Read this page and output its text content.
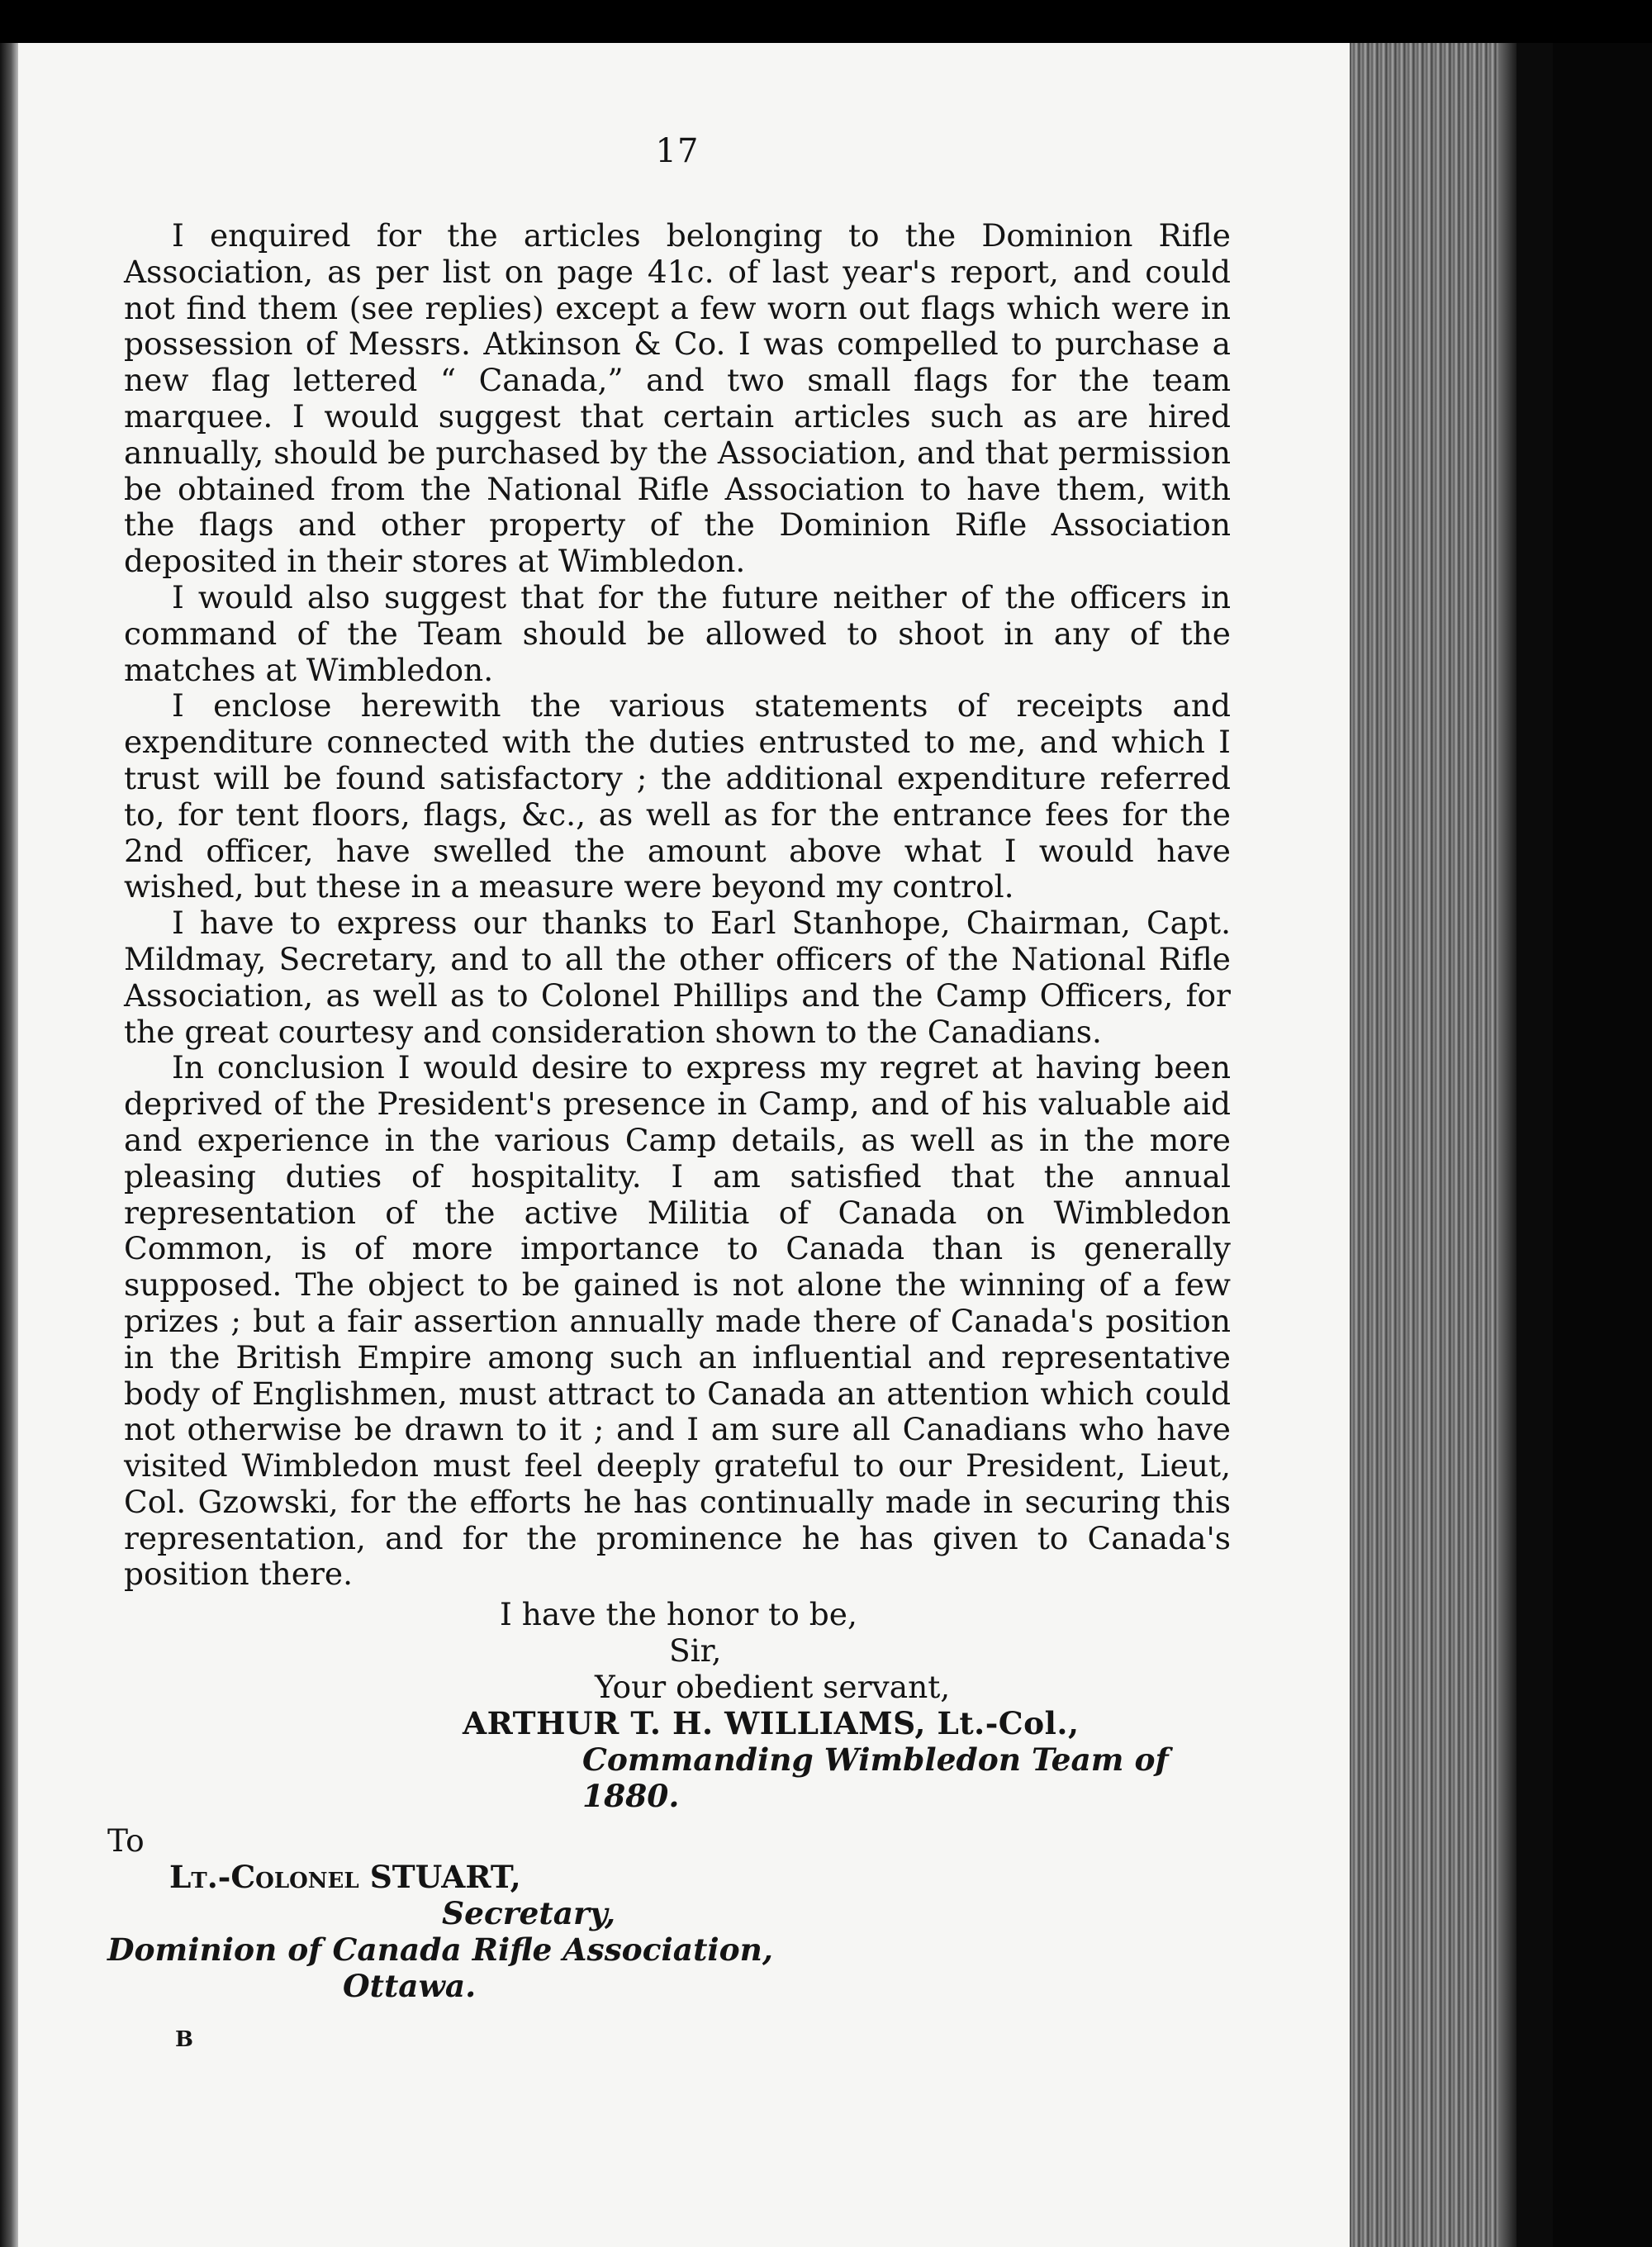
17

I enquired for the articles belonging to the Dominion Rifle Association, as per list on page 41c. of last year's report, and could not find them (see replies) except a few worn out flags which were in possession of Messrs. Atkinson & Co. I was compelled to purchase a new flag lettered “ Canada,” and two small flags for the team marquee. I would suggest that certain articles such as are hired annually, should be purchased by the Association, and that permission be obtained from the National Rifle Association to have them, with the flags and other property of the Dominion Rifle Association deposited in their stores at Wimbledon.

I would also suggest that for the future neither of the officers in command of the Team should be allowed to shoot in any of the matches at Wimbledon.

I enclose herewith the various statements of receipts and expenditure connected with the duties entrusted to me, and which I trust will be found satisfactory ; the additional expenditure referred to, for tent floors, flags, &c., as well as for the entrance fees for the 2nd officer, have swelled the amount above what I would have wished, but these in a measure were beyond my control.

I have to express our thanks to Earl Stanhope, Chairman, Capt. Mildmay, Secretary, and to all the other officers of the National Rifle Association, as well as to Colonel Phillips and the Camp Officers, for the great courtesy and consideration shown to the Canadians.

In conclusion I would desire to express my regret at having been deprived of the President's presence in Camp, and of his valuable aid and experience in the various Camp details, as well as in the more pleasing duties of hospitality. I am satisfied that the annual representation of the active Militia of Canada on Wimbledon Common, is of more importance to Canada than is generally supposed. The object to be gained is not alone the winning of a few prizes ; but a fair assertion annually made there of Canada's position in the British Empire among such an influential and representative body of Englishmen, must attract to Canada an attention which could not otherwise be drawn to it ; and I am sure all Canadians who have visited Wimbledon must feel deeply grateful to our President, Lieut, Col. Gzowski, for the efforts he has continually made in securing this representation, and for the prominence he has given to Canada's position there.

I have the honor to be,
Sir,
Your obedient servant,
ARTHUR T. H. WILLIAMS, Lt.-Col.,
Commanding Wimbledon Team of 1880.
To
Lt.-Colonel STUART,
Secretary,
Dominion of Canada Rifle Association,
Ottawa.
B
